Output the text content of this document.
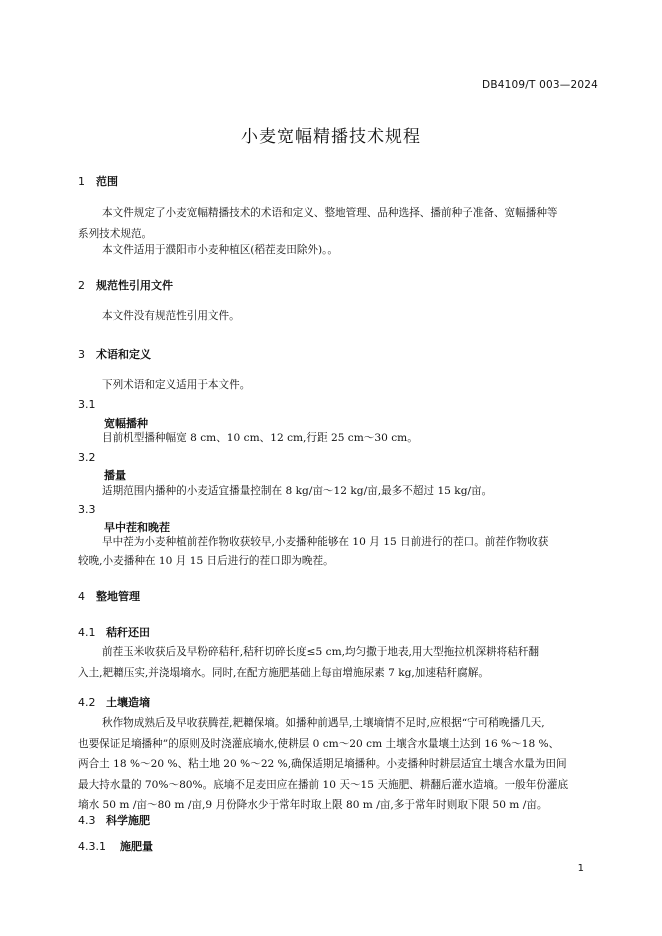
DB4109/T 003—2024
小麦宽幅精播技术规程
1 范围
本文件规定了小麦宽幅精播技术的术语和定义、整地管理、品种选择、播前种子准备、宽幅播种等
系列技术规范。
本文件适用于濮阳市小麦种植区(稻茬麦田除外)。。
2 规范性引用文件
本文件没有规范性引用文件。
3 术语和定义
下列术语和定义适用于本文件。
3.1
宽幅播种
目前机型播种幅宽 8 cm、10 cm、12 cm,行距 25 cm～30 cm。
3.2
播量
适期范围内播种的小麦适宜播量控制在 8 kg/亩～12 kg/亩,最多不超过 15 kg/亩。
3.3
早中茬和晚茬
早中茬为小麦种植前茬作物收获较早,小麦播种能够在 10 月 15 日前进行的茬口。前茬作物收获
较晚,小麦播种在 10 月 15 日后进行的茬口即为晚茬。
4 整地管理
4.1 秸秆还田
前茬玉米收获后及早粉碎秸秆,秸秆切碎长度≤5 cm,均匀撒于地表,用大型拖拉机深耕将秸秆翻
入土,耙耱压实,并浇塌墒水。同时,在配方施肥基础上每亩增施尿素 7 kg,加速秸秆腐解。
4.2 土壤造墒
秋作物成熟后及早收获腾茬,耙耱保墒。如播种前遇旱,土壤墒情不足时,应根据“宁可稍晚播几天,
也要保证足墒播种”的原则及时浇灌底墒水,使耕层 0 cm～20 cm 土壤含水量壤土达到 16 %～18 %、
两合土 18 %～20 %、粘土地 20 %～22 %,确保适期足墒播种。小麦播种时耕层适宜土壤含水量为田间
最大持水量的 70%～80%。底墒不足麦田应在播前 10 天～15 天施肥、耕翻后灌水造墒。一般年份灌底
墒水 50 m /亩～80 m /亩,9 月份降水少于常年时取上限 80 m /亩,多于常年时则取下限 50 m /亩。
4.3 科学施肥
4.3.1 施肥量
1
